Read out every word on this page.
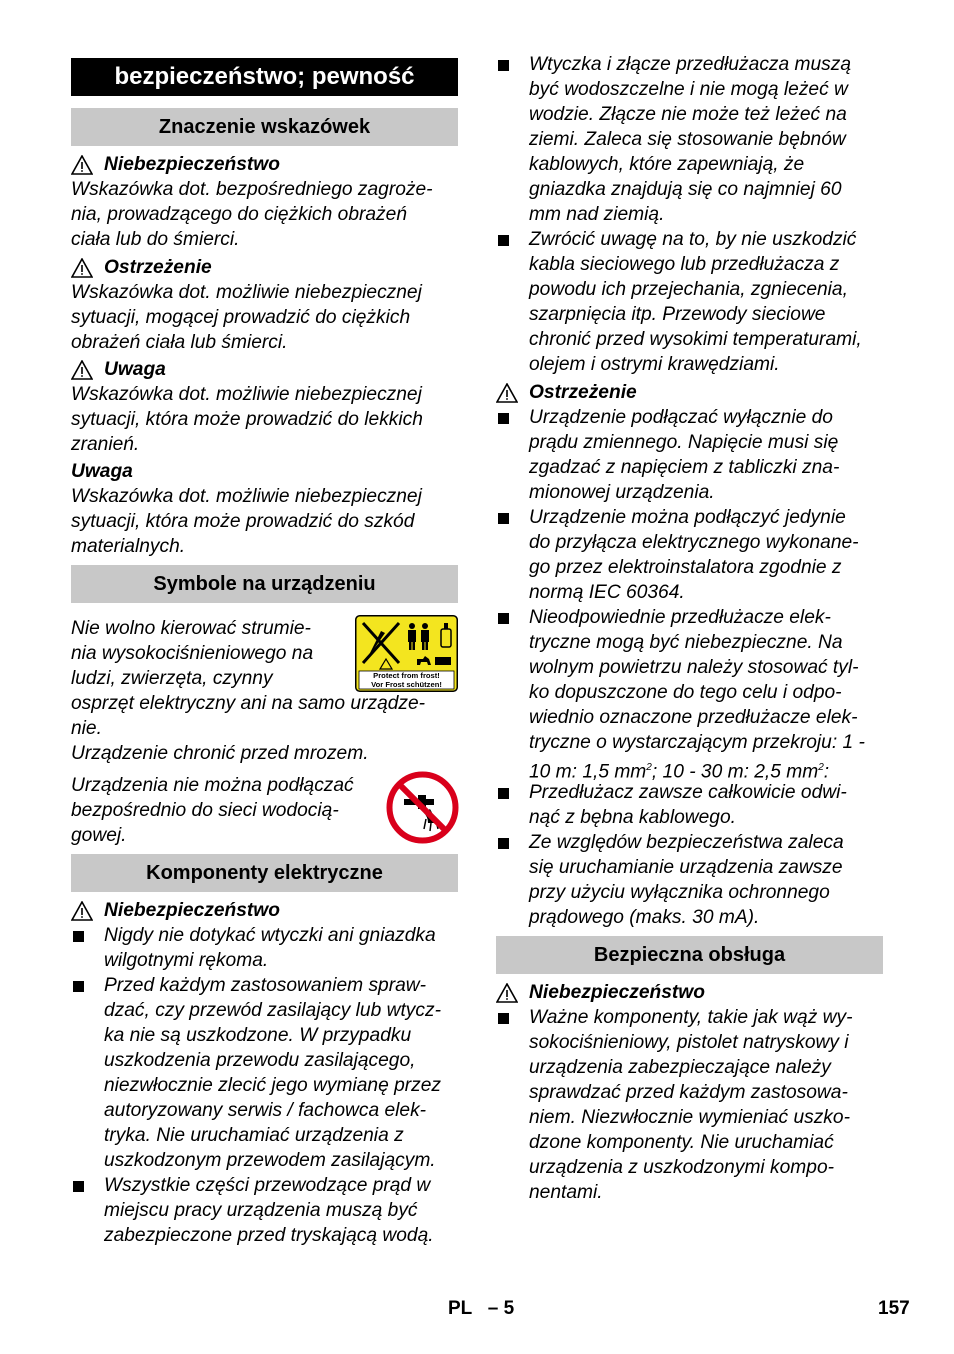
bezpieczeństwo; pewność
Znaczenie wskazówek
Niebezpieczeństwo
Wskazówka dot. bezpośredniego zagroże-
nia, prowadzącego do ciężkich obrażeń
ciała lub do śmierci.
Ostrzeżenie
Wskazówka dot. możliwie niebezpiecznej
sytuacji, mogącej prowadzić do ciężkich
obrażeń ciała lub śmierci.
Uwaga
Wskazówka dot. możliwie niebezpiecznej
sytuacji, która może prowadzić do lekkich
zranień.
Uwaga
Wskazówka dot. możliwie niebezpiecznej
sytuacji, która może prowadzić do szkód
materialnych.
Symbole na urządzeniu
Nie wolno kierować strumie-
nia wysokociśnieniowego na
ludzi, zwierzęta, czynny
osprzęt elektryczny ani na samo urządze-
nie.
Protect from frost!
Vor Frost schützen!
Urządzenie chronić przed mrozem.
Urządzenia nie można podłączać
bezpośrednio do sieci wodocią-
gowej.
Komponenty elektryczne
Niebezpieczeństwo
Nigdy nie dotykać wtyczki ani gniazdka
wilgotnymi rękoma.
Przed każdym zastosowaniem spraw-
dzać, czy przewód zasilający lub wtycz-
ka nie są uszkodzone. W przypadku
uszkodzenia przewodu zasilającego,
niezwłocznie zlecić jego wymianę przez
autoryzowany serwis / fachowca elek-
tryka. Nie uruchamiać urządzenia z
uszkodzonym przewodem zasilającym.
Wszystkie części przewodzące prąd w
miejscu pracy urządzenia muszą być
zabezpieczone przed tryskającą wodą.
Wtyczka i złącze przedłużacza muszą
być wodoszczelne i nie mogą leżeć w
wodzie. Złącze nie może też leżeć na
ziemi. Zaleca się stosowanie bębnów
kablowych, które zapewniają, że
gniazdka znajdują się co najmniej 60
mm nad ziemią.
Zwrócić uwagę na to, by nie uszkodzić
kabla sieciowego lub przedłużacza z
powodu ich przejechania, zgniecenia,
szarpnięcia itp. Przewody sieciowe
chronić przed wysokimi temperaturami,
olejem i ostrymi krawędziami.
Ostrzeżenie
Urządzenie podłączać wyłącznie do
prądu zmiennego. Napięcie musi się
zgadzać z napięciem z tabliczki zna-
mionowej urządzenia.
Urządzenie można podłączyć jedynie
do przyłącza elektrycznego wykonane-
go przez elektroinstalatora zgodnie z
normą IEC 60364.
Nieodpowiednie przedłużacze elek-
tryczne mogą być niebezpieczne. Na
wolnym powietrzu należy stosować tyl-
ko dopuszczone do tego celu i odpo-
wiednio oznaczone przedłużacze elek-
tryczne o wystarczającym przekroju: 1 -
10 m: 1,5 $mm^2$; 10 - 30 m: 2,5 $mm^2$:
Przedłużacz zawsze całkowicie odwi-
nąć z bębna kablowego.
Ze względów bezpieczeństwa zaleca
się uruchamianie urządzenia zawsze
przy użyciu wyłącznika ochronnego
prądowego (maks. 30 mA).
Bezpieczna obsługa
Niebezpieczeństwo
Ważne komponenty, takie jak wąż wy-
sokociśnieniowy, pistolet natryskowy i
urządzenia zabezpieczające należy
sprawdzać przed każdym zastosowa-
niem. Niezwłocznie wymieniać uszko-
dzone komponenty. Nie uruchamiać
urządzenia z uszkodzonymi kompo-
nentami.
PL   – 5	157
